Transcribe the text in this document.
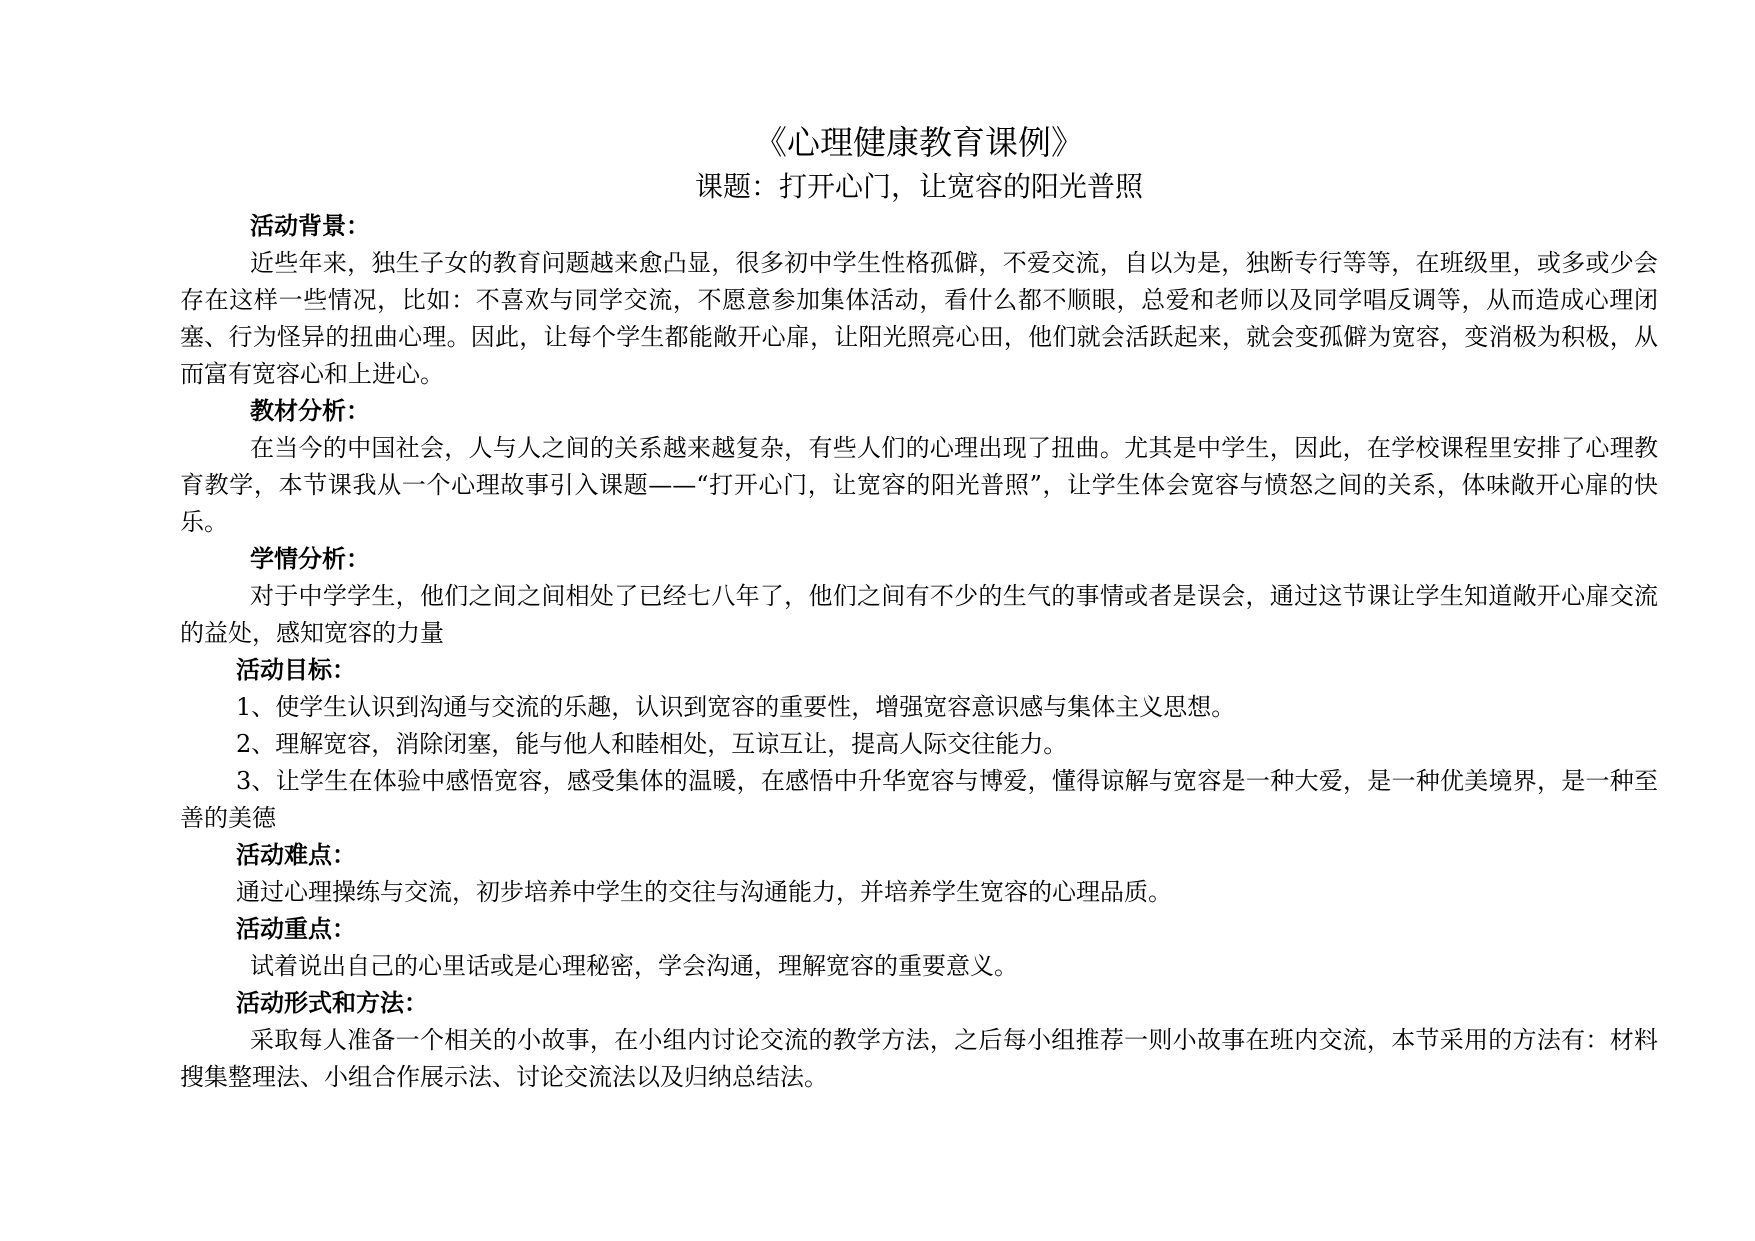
《心理健康教育课例》
课题：打开心门，让宽容的阳光普照
活动背景：

近些年来，独生子女的教育问题越来愈凸显，很多初中学生性格孤僻，不爱交流，自以为是，独断专行等等，在班级里，或多或少会存在这样一些情况，比如：不喜欢与同学交流，不愿意参加集体活动，看什么都不顺眼，总爱和老师以及同学唱反调等，从而造成心理闭塞、行为怪异的扭曲心理。因此，让每个学生都能敞开心扉，让阳光照亮心田，他们就会活跃起来，就会变孤僻为宽容，变消极为积极，从而富有宽容心和上进心。

教材分析：

在当今的中国社会，人与人之间的关系越来越复杂，有些人们的心理出现了扭曲。尤其是中学生，因此，在学校课程里安排了心理教育教学，本节课我从一个心理故事引入课题——“打开心门，让宽容的阳光普照”，让学生体会宽容与愤怒之间的关系，体味敞开心扉的快乐。

学情分析：

对于中学学生，他们之间之间相处了已经七八年了，他们之间有不少的生气的事情或者是误会，通过这节课让学生知道敞开心扉交流的益处，感知宽容的力量

活动目标：

1、使学生认识到沟通与交流的乐趣，认识到宽容的重要性，增强宽容意识感与集体主义思想。

2、理解宽容，消除闭塞，能与他人和睦相处，互谅互让，提高人际交往能力。

3、让学生在体验中感悟宽容，感受集体的温暖，在感悟中升华宽容与博爱，懂得谅解与宽容是一种大爱，是一种优美境界，是一种至善的美德

活动难点：

通过心理操练与交流，初步培养中学生的交往与沟通能力，并培养学生宽容的心理品质。

活动重点：

试着说出自己的心里话或是心理秘密，学会沟通，理解宽容的重要意义。

活动形式和方法：

采取每人准备一个相关的小故事，在小组内讨论交流的教学方法，之后每小组推荐一则小故事在班内交流，本节采用的方法有：材料搜集整理法、小组合作展示法、讨论交流法以及归纳总结法。
